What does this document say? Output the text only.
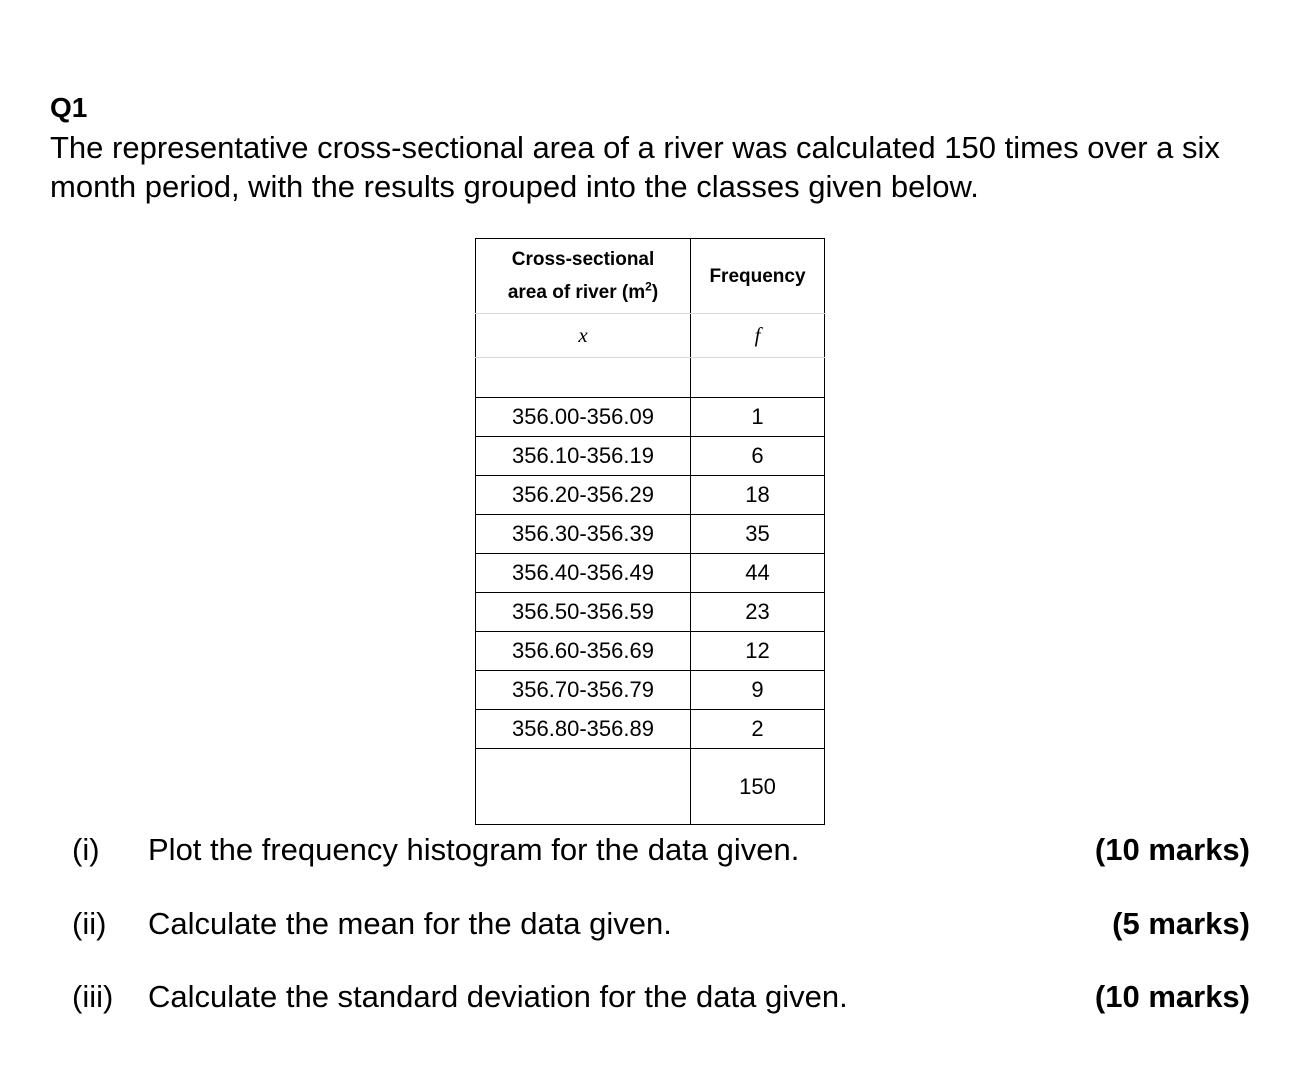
Q1

The representative cross-sectional area of a river was calculated 150 times over a six month period, with the results grouped into the classes given below.

Cross-sectional
area of river $(m^2)$	Frequency
x	f

356.00-356.09	1
356.10-356.19	6
356.20-356.29	18
356.30-356.39	35
356.40-356.49	44
356.50-356.59	23
356.60-356.69	12
356.70-356.79	9
356.80-356.89	2
	150
(i) Plot the frequency histogram for the data given.	(10 marks)
(ii) Calculate the mean for the data given.	(5 marks)
(iii) Calculate the standard deviation for the data given.	(10 marks)
